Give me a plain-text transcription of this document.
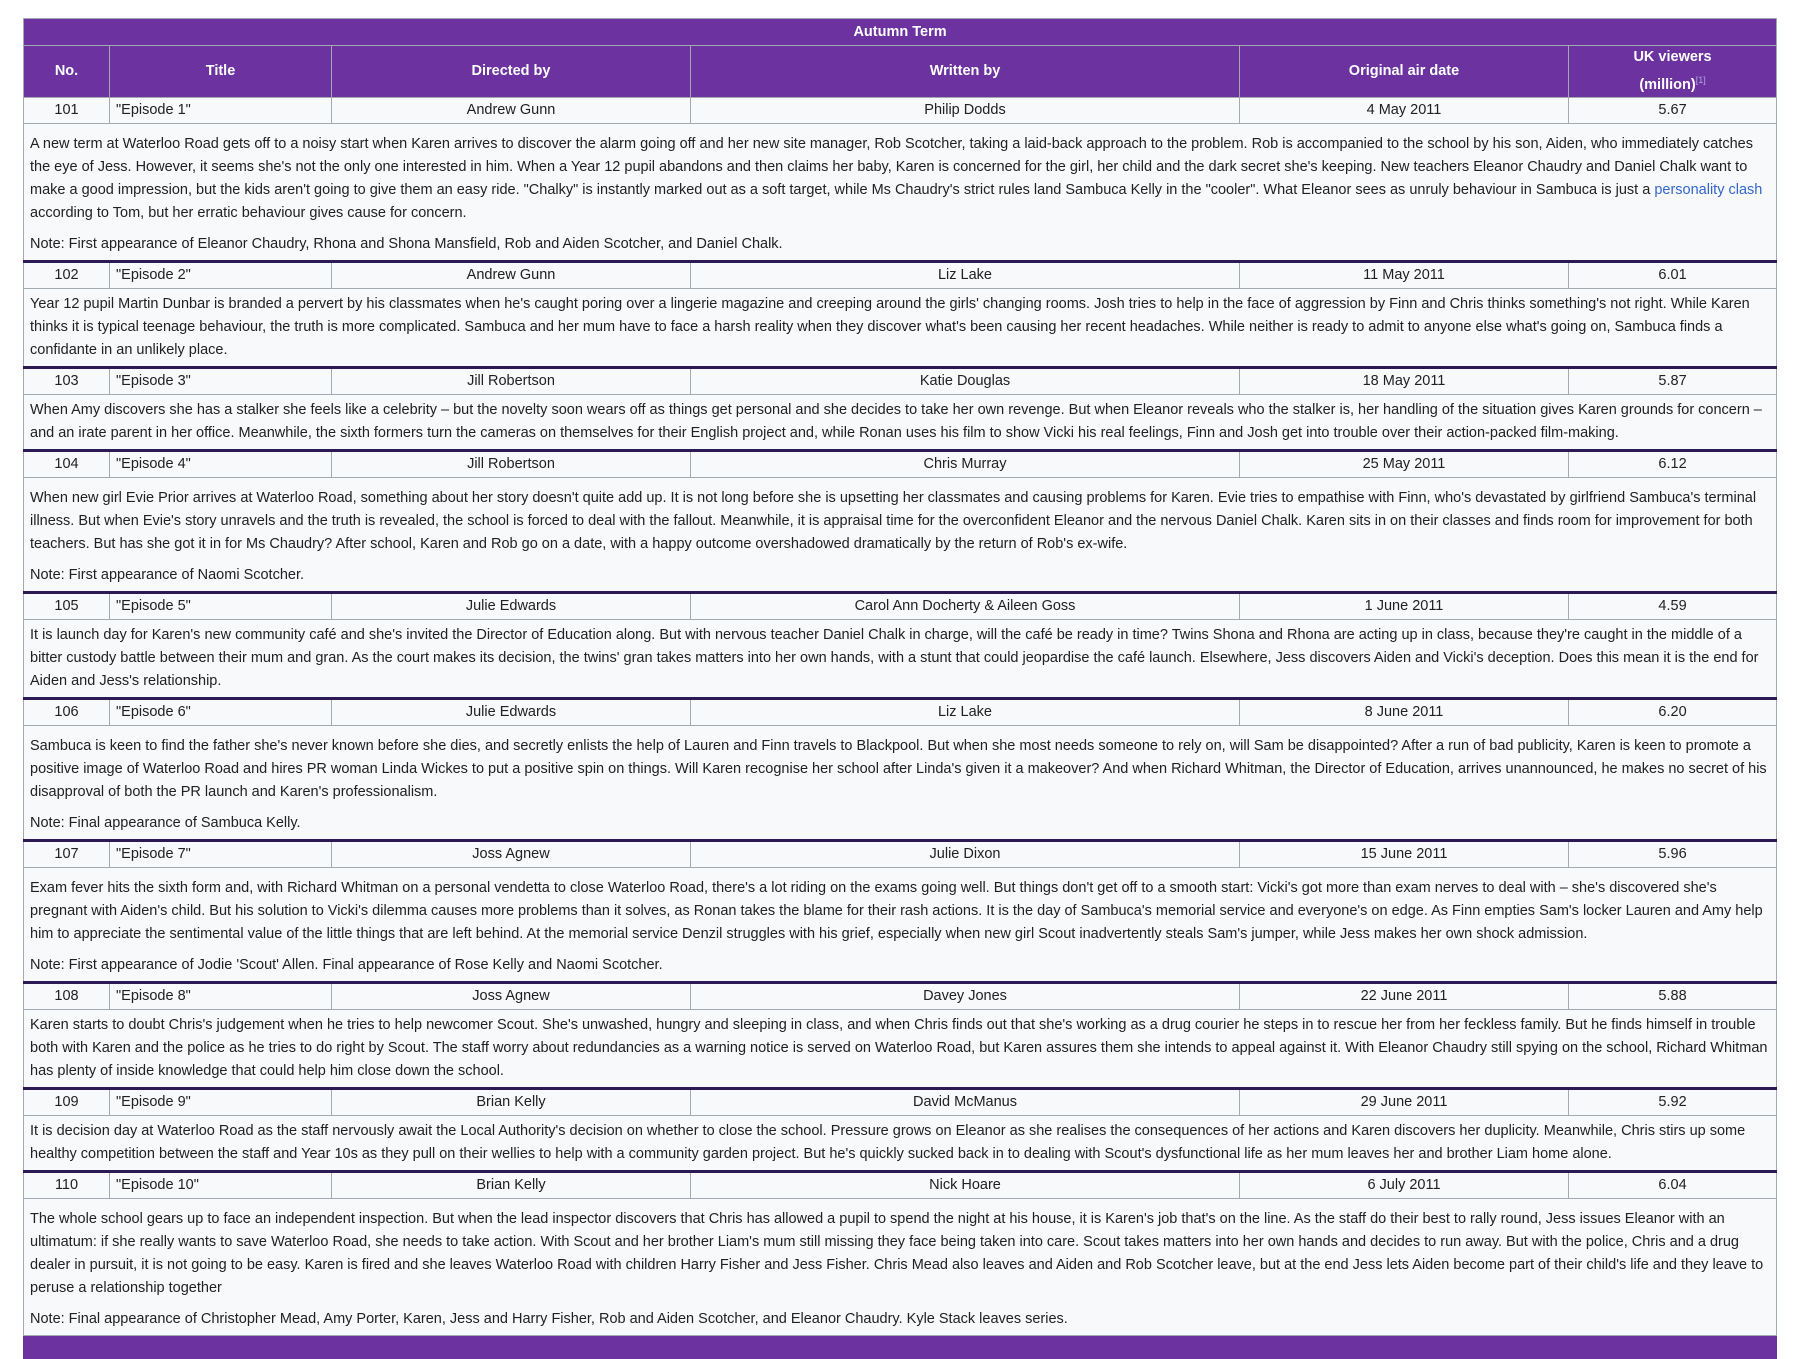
Autumn Term					
No.	Title	Directed by	Written by	Original air date	UK viewers
(million)[1]
101	"Episode 1"	Andrew Gunn	Philip Dodds	4 May 2011	5.67

A new term at Waterloo Road gets off to a noisy start when Karen arrives to discover the alarm going off and her new site manager, Rob Scotcher, taking a laid-back approach to the problem. Rob is accompanied to the school by his son, Aiden, who immediately catches the eye of Jess. However, it seems she's not the only one interested in him. When a Year 12 pupil abandons and then claims her baby, Karen is concerned for the girl, her child and the dark secret she's keeping. New teachers Eleanor Chaudry and Daniel Chalk want to make a good impression, but the kids aren't going to give them an easy ride. "Chalky" is instantly marked out as a soft target, while Ms Chaudry's strict rules land Sambuca Kelly in the "cooler". What Eleanor sees as unruly behaviour in Sambuca is just a personality clash according to Tom, but her erratic behaviour gives cause for concern.

Note: First appearance of Eleanor Chaudry, Rhona and Shona Mansfield, Rob and Aiden Scotcher, and Daniel Chalk.					

102	"Episode 2"	Andrew Gunn	Liz Lake	11 May 2011	6.01

Year 12 pupil Martin Dunbar is branded a pervert by his classmates when he's caught poring over a lingerie magazine and creeping around the girls' changing rooms. Josh tries to help in the face of aggression by Finn and Chris thinks something's not right. While Karen thinks it is typical teenage behaviour, the truth is more complicated. Sambuca and her mum have to face a harsh reality when they discover what's been causing her recent headaches. While neither is ready to admit to anyone else what's going on, Sambuca finds a confidante in an unlikely place.					

103	"Episode 3"	Jill Robertson	Katie Douglas	18 May 2011	5.87

When Amy discovers she has a stalker she feels like a celebrity – but the novelty soon wears off as things get personal and she decides to take her own revenge. But when Eleanor reveals who the stalker is, her handling of the situation gives Karen grounds for concern – and an irate parent in her office. Meanwhile, the sixth formers turn the cameras on themselves for their English project and, while Ronan uses his film to show Vicki his real feelings, Finn and Josh get into trouble over their action-packed film-making.					

104	"Episode 4"	Jill Robertson	Chris Murray	25 May 2011	6.12

When new girl Evie Prior arrives at Waterloo Road, something about her story doesn't quite add up. It is not long before she is upsetting her classmates and causing problems for Karen. Evie tries to empathise with Finn, who's devastated by girlfriend Sambuca's terminal illness. But when Evie's story unravels and the truth is revealed, the school is forced to deal with the fallout. Meanwhile, it is appraisal time for the overconfident Eleanor and the nervous Daniel Chalk. Karen sits in on their classes and finds room for improvement for both teachers. But has she got it in for Ms Chaudry? After school, Karen and Rob go on a date, with a happy outcome overshadowed dramatically by the return of Rob's ex-wife.

Note: First appearance of Naomi Scotcher.					

105	"Episode 5"	Julie Edwards	Carol Ann Docherty & Aileen Goss	1 June 2011	4.59

It is launch day for Karen's new community café and she's invited the Director of Education along. But with nervous teacher Daniel Chalk in charge, will the café be ready in time? Twins Shona and Rhona are acting up in class, because they're caught in the middle of a bitter custody battle between their mum and gran. As the court makes its decision, the twins' gran takes matters into her own hands, with a stunt that could jeopardise the café launch. Elsewhere, Jess discovers Aiden and Vicki's deception. Does this mean it is the end for Aiden and Jess's relationship.					

106	"Episode 6"	Julie Edwards	Liz Lake	8 June 2011	6.20

Sambuca is keen to find the father she's never known before she dies, and secretly enlists the help of Lauren and Finn travels to Blackpool. But when she most needs someone to rely on, will Sam be disappointed? After a run of bad publicity, Karen is keen to promote a positive image of Waterloo Road and hires PR woman Linda Wickes to put a positive spin on things. Will Karen recognise her school after Linda's given it a makeover? And when Richard Whitman, the Director of Education, arrives unannounced, he makes no secret of his disapproval of both the PR launch and Karen's professionalism.

Note: Final appearance of Sambuca Kelly.					

107	"Episode 7"	Joss Agnew	Julie Dixon	15 June 2011	5.96

Exam fever hits the sixth form and, with Richard Whitman on a personal vendetta to close Waterloo Road, there's a lot riding on the exams going well. But things don't get off to a smooth start: Vicki's got more than exam nerves to deal with – she's discovered she's pregnant with Aiden's child. But his solution to Vicki's dilemma causes more problems than it solves, as Ronan takes the blame for their rash actions. It is the day of Sambuca's memorial service and everyone's on edge. As Finn empties Sam's locker Lauren and Amy help him to appreciate the sentimental value of the little things that are left behind. At the memorial service Denzil struggles with his grief, especially when new girl Scout inadvertently steals Sam's jumper, while Jess makes her own shock admission.

Note: First appearance of Jodie 'Scout' Allen. Final appearance of Rose Kelly and Naomi Scotcher.					

108	"Episode 8"	Joss Agnew	Davey Jones	22 June 2011	5.88

Karen starts to doubt Chris's judgement when he tries to help newcomer Scout. She's unwashed, hungry and sleeping in class, and when Chris finds out that she's working as a drug courier he steps in to rescue her from her feckless family. But he finds himself in trouble both with Karen and the police as he tries to do right by Scout. The staff worry about redundancies as a warning notice is served on Waterloo Road, but Karen assures them she intends to appeal against it. With Eleanor Chaudry still spying on the school, Richard Whitman has plenty of inside knowledge that could help him close down the school.					

109	"Episode 9"	Brian Kelly	David McManus	29 June 2011	5.92

It is decision day at Waterloo Road as the staff nervously await the Local Authority's decision on whether to close the school. Pressure grows on Eleanor as she realises the consequences of her actions and Karen discovers her duplicity. Meanwhile, Chris stirs up some healthy competition between the staff and Year 10s as they pull on their wellies to help with a community garden project. But he's quickly sucked back in to dealing with Scout's dysfunctional life as her mum leaves her and brother Liam home alone.					

110	"Episode 10"	Brian Kelly	Nick Hoare	6 July 2011	6.04

The whole school gears up to face an independent inspection. But when the lead inspector discovers that Chris has allowed a pupil to spend the night at his house, it is Karen's job that's on the line. As the staff do their best to rally round, Jess issues Eleanor with an ultimatum: if she really wants to save Waterloo Road, she needs to take action. With Scout and her brother Liam's mum still missing they face being taken into care. Scout takes matters into her own hands and decides to run away. But with the police, Chris and a drug dealer in pursuit, it is not going to be easy. Karen is fired and she leaves Waterloo Road with children Harry Fisher and Jess Fisher. Chris Mead also leaves and Aiden and Rob Scotcher leave, but at the end Jess lets Aiden become part of their child's life and they leave to peruse a relationship together

Note: Final appearance of Christopher Mead, Amy Porter, Karen, Jess and Harry Fisher, Rob and Aiden Scotcher, and Eleanor Chaudry. Kyle Stack leaves series.					
